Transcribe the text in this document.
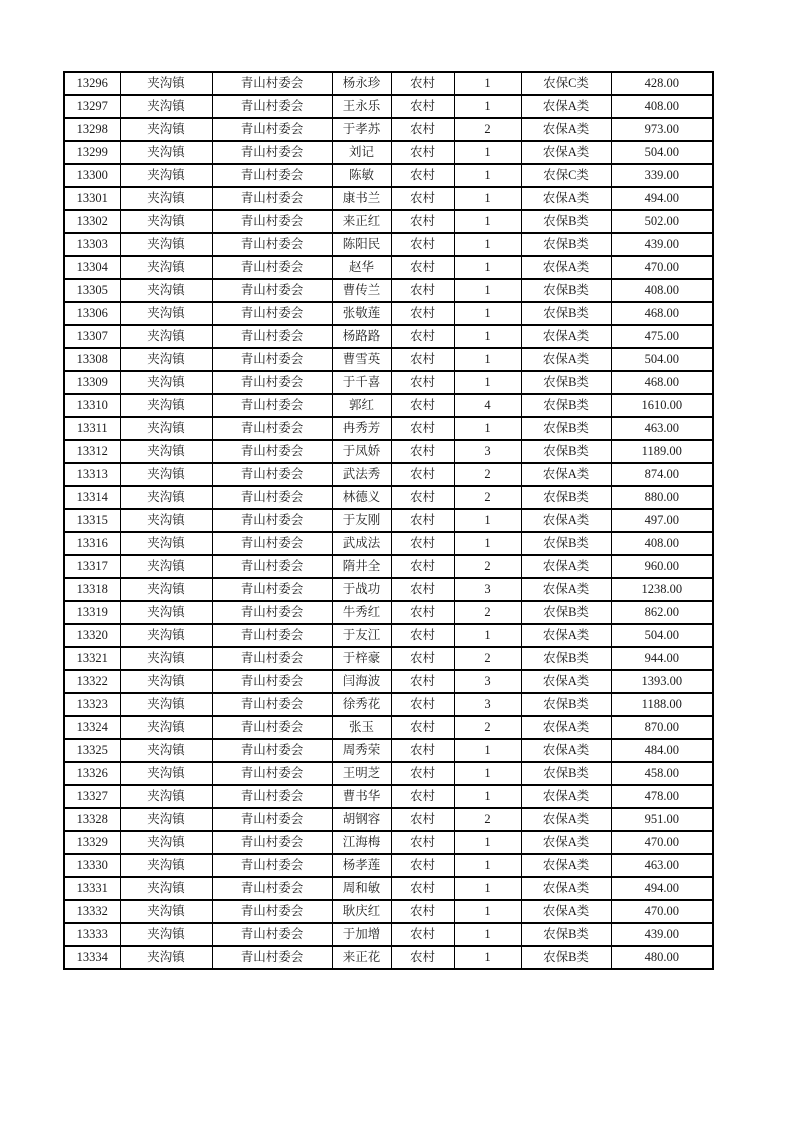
13296	夹沟镇	青山村委会	杨永珍	农村	1	农保C类	428.00
13297	夹沟镇	青山村委会	王永乐	农村	1	农保A类	408.00
13298	夹沟镇	青山村委会	于孝苏	农村	2	农保A类	973.00
13299	夹沟镇	青山村委会	刘记	农村	1	农保A类	504.00
13300	夹沟镇	青山村委会	陈敏	农村	1	农保C类	339.00
13301	夹沟镇	青山村委会	康书兰	农村	1	农保A类	494.00
13302	夹沟镇	青山村委会	来正红	农村	1	农保B类	502.00
13303	夹沟镇	青山村委会	陈阳民	农村	1	农保B类	439.00
13304	夹沟镇	青山村委会	赵华	农村	1	农保A类	470.00
13305	夹沟镇	青山村委会	曹传兰	农村	1	农保B类	408.00
13306	夹沟镇	青山村委会	张敬莲	农村	1	农保B类	468.00
13307	夹沟镇	青山村委会	杨路路	农村	1	农保A类	475.00
13308	夹沟镇	青山村委会	曹雪英	农村	1	农保A类	504.00
13309	夹沟镇	青山村委会	于千喜	农村	1	农保B类	468.00
13310	夹沟镇	青山村委会	郭红	农村	4	农保B类	1610.00
13311	夹沟镇	青山村委会	冉秀芳	农村	1	农保B类	463.00
13312	夹沟镇	青山村委会	于凤娇	农村	3	农保B类	1189.00
13313	夹沟镇	青山村委会	武法秀	农村	2	农保A类	874.00
13314	夹沟镇	青山村委会	林德义	农村	2	农保B类	880.00
13315	夹沟镇	青山村委会	于友刚	农村	1	农保A类	497.00
13316	夹沟镇	青山村委会	武成法	农村	1	农保B类	408.00
13317	夹沟镇	青山村委会	隋井全	农村	2	农保A类	960.00
13318	夹沟镇	青山村委会	于战功	农村	3	农保A类	1238.00
13319	夹沟镇	青山村委会	牛秀红	农村	2	农保B类	862.00
13320	夹沟镇	青山村委会	于友江	农村	1	农保A类	504.00
13321	夹沟镇	青山村委会	于梓豪	农村	2	农保B类	944.00
13322	夹沟镇	青山村委会	闫海波	农村	3	农保A类	1393.00
13323	夹沟镇	青山村委会	徐秀花	农村	3	农保B类	1188.00
13324	夹沟镇	青山村委会	张玉	农村	2	农保A类	870.00
13325	夹沟镇	青山村委会	周秀荣	农村	1	农保A类	484.00
13326	夹沟镇	青山村委会	王明芝	农村	1	农保B类	458.00
13327	夹沟镇	青山村委会	曹书华	农村	1	农保A类	478.00
13328	夹沟镇	青山村委会	胡钢容	农村	2	农保A类	951.00
13329	夹沟镇	青山村委会	江海梅	农村	1	农保A类	470.00
13330	夹沟镇	青山村委会	杨孝莲	农村	1	农保A类	463.00
13331	夹沟镇	青山村委会	周和敏	农村	1	农保A类	494.00
13332	夹沟镇	青山村委会	耿庆红	农村	1	农保A类	470.00
13333	夹沟镇	青山村委会	于加增	农村	1	农保B类	439.00
13334	夹沟镇	青山村委会	来正花	农村	1	农保B类	480.00
